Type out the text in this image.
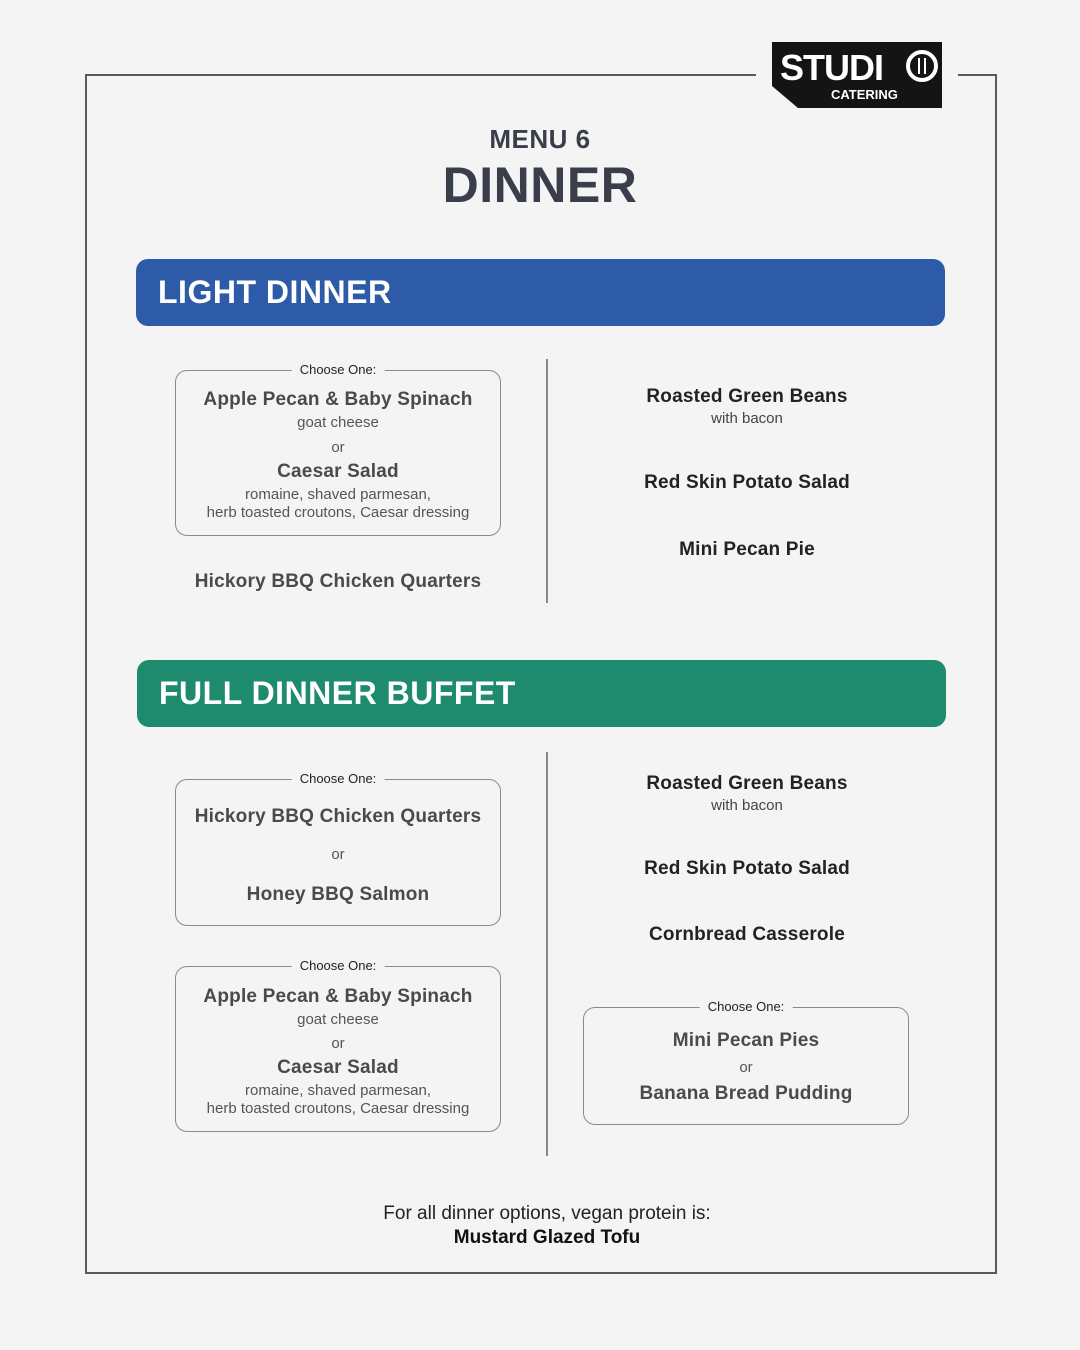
STUDI
CATERING
MENU 6
DINNER
LIGHT DINNER
Choose One:
Apple Pecan & Baby Spinach
goat cheese
or
Caesar Salad
romaine, shaved parmesan,
herb toasted croutons, Caesar dressing
Hickory BBQ Chicken Quarters
Roasted Green Beans
with bacon
Red Skin Potato Salad
Mini Pecan Pie
FULL DINNER BUFFET
Choose One:
Hickory BBQ Chicken Quarters
or
Honey BBQ Salmon
Choose One:
Apple Pecan & Baby Spinach
goat cheese
or
Caesar Salad
romaine, shaved parmesan,
herb toasted croutons, Caesar dressing
Roasted Green Beans
with bacon
Red Skin Potato Salad
Cornbread Casserole
Choose One:
Mini Pecan Pies
or
Banana Bread Pudding
For all dinner options, vegan protein is:
Mustard Glazed Tofu
